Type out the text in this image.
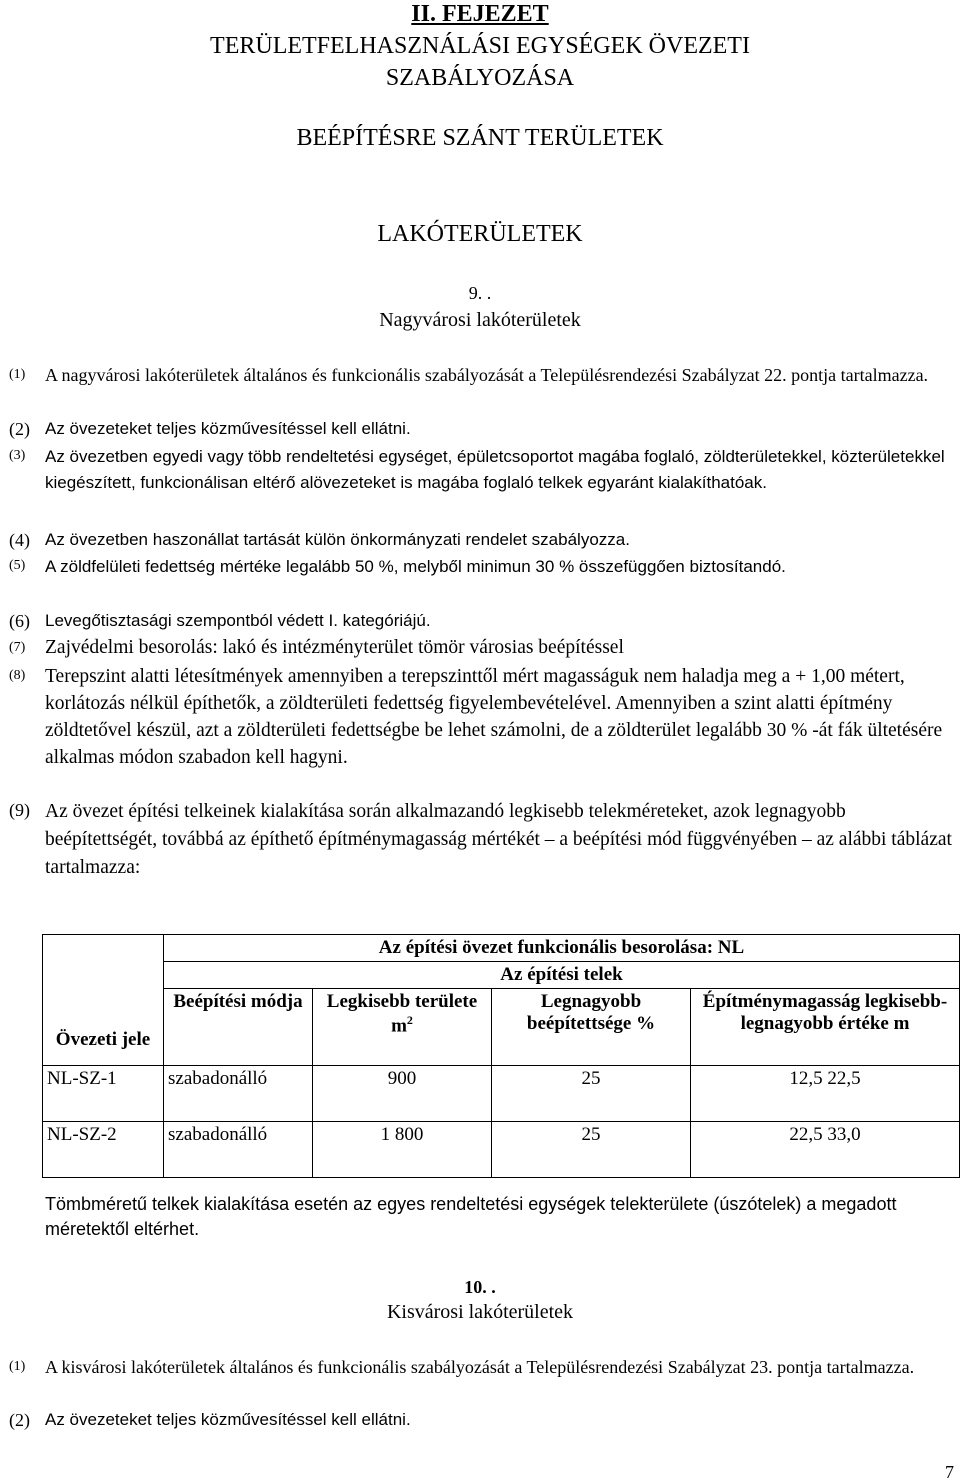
II. FEJEZET
TERÜLETFELHASZNÁLÁSI EGYSÉGEK ÖVEZETI
SZABÁLYOZÁSA
BEÉPÍTÉSRE SZÁNT TERÜLETEK
LAKÓTERÜLETEK
9. .
Nagyvárosi lakóterületek
(1) A nagyvárosi lakóterületek általános és funkcionális szabályozását a Településrendezési Szabályzat 22. pontja tartalmazza.
(2) Az övezeteket teljes közművesítéssel kell ellátni.
(3) Az övezetben egyedi vagy több rendeltetési egységet, épületcsoportot magába foglaló, zöldterületekkel, közterületekkel kiegészített, funkcionálisan eltérő alövezeteket is magába foglaló telkek egyaránt kialakíthatóak.
(4) Az övezetben haszonállat tartását külön önkormányzati rendelet szabályozza.
(5) A zöldfelületi fedettség mértéke legalább 50 %, melyből minimun 30 % összefüggően biztosítandó.
(6) Levegőtisztasági szempontból védett I. kategóriájú.
(7) Zajvédelmi besorolás: lakó és intézményterület tömör városias beépítéssel
(8) Terepszint alatti létesítmények amennyiben a terepszinttől mért magasságuk nem haladja meg a + 1,00 métert, korlátozás nélkül építhetők, a zöldterületi fedettség figyelembevételével. Amennyiben a szint alatti építmény zöldtetővel készül, azt a zöldterületi fedettségbe be lehet számolni, de a zöldterület legalább 30 % -át fák ültetésére alkalmas módon szabadon kell hagyni.
(9) Az övezet építési telkeinek kialakítása során alkalmazandó legkisebb telekméreteket, azok legnagyobb beépítettségét, továbbá az építhető építménymagasság mértékét – a beépítési mód függvényében – az alábbi táblázat tartalmazza:
Övezeti jele	Az építési övezet funkcionális besorolása: NL			
	Az építési telek			
	Beépítési módja	Legkisebb területe
$m^2$	Legnagyobb beépítettsége %	Építménymagasság legkisebb-legnagyobb értéke m
NL-SZ-1	szabadonálló	900	25	12,5 22,5
NL-SZ-2	szabadonálló	1 800	25	22,5 33,0
Tömbméretű telkek kialakítása esetén az egyes rendeltetési egységek telekterülete (úszótelek) a megadott méretektől eltérhet.
10. .
Kisvárosi lakóterületek
(1) A kisvárosi lakóterületek általános és funkcionális szabályozását a Településrendezési Szabályzat 23. pontja tartalmazza.
(2) Az övezeteket teljes közművesítéssel kell ellátni.
7
